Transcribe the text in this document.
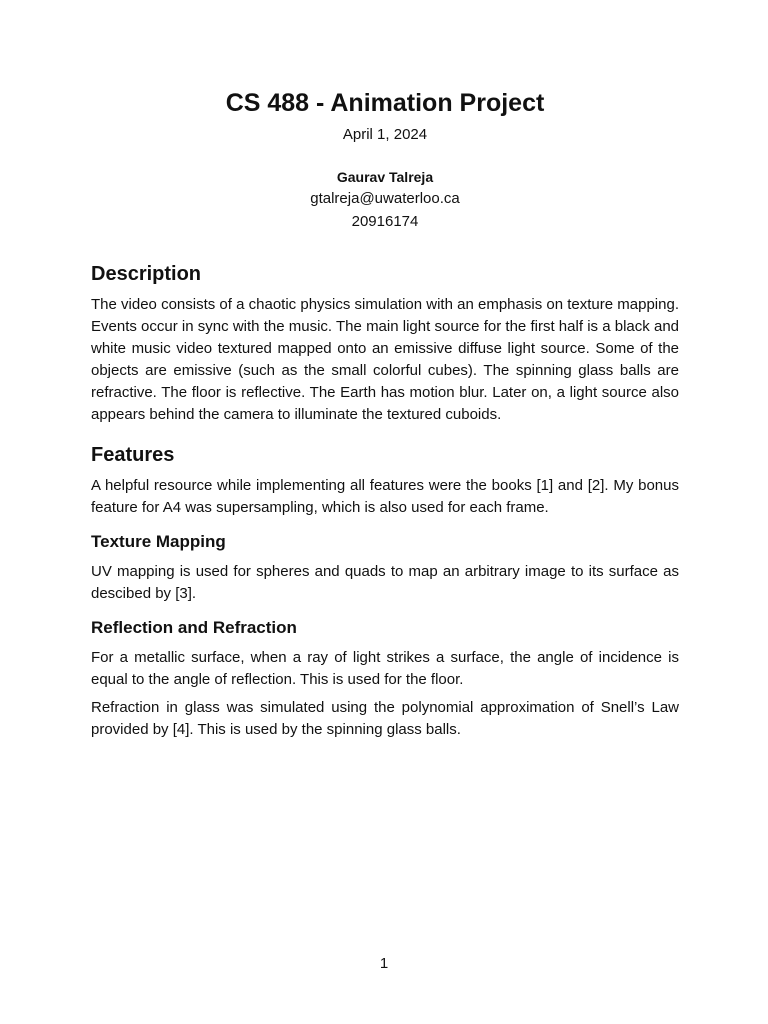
CS 488 - Animation Project
April 1, 2024
Gaurav Talreja
gtalreja@uwaterloo.ca
20916174
Description

The video consists of a chaotic physics simulation with an emphasis on texture mapping. Events occur in sync with the music. The main light source for the first half is a black and white music video textured mapped onto an emissive diffuse light source. Some of the objects are emissive (such as the small colorful cubes). The spinning glass balls are refractive. The floor is reflective. The Earth has motion blur. Later on, a light source also appears behind the camera to illuminate the textured cuboids.

Features

A helpful resource while implementing all features were the books [1] and [2]. My bonus feature for A4 was supersampling, which is also used for each frame.

Texture Mapping

UV mapping is used for spheres and quads to map an arbitrary image to its surface as descibed by [3].

Reflection and Refraction

For a metallic surface, when a ray of light strikes a surface, the angle of incidence is equal to the angle of reflection. This is used for the floor.

Refraction in glass was simulated using the polynomial approximation of Snell’s Law provided by [4]. This is used by the spinning glass balls.

1
